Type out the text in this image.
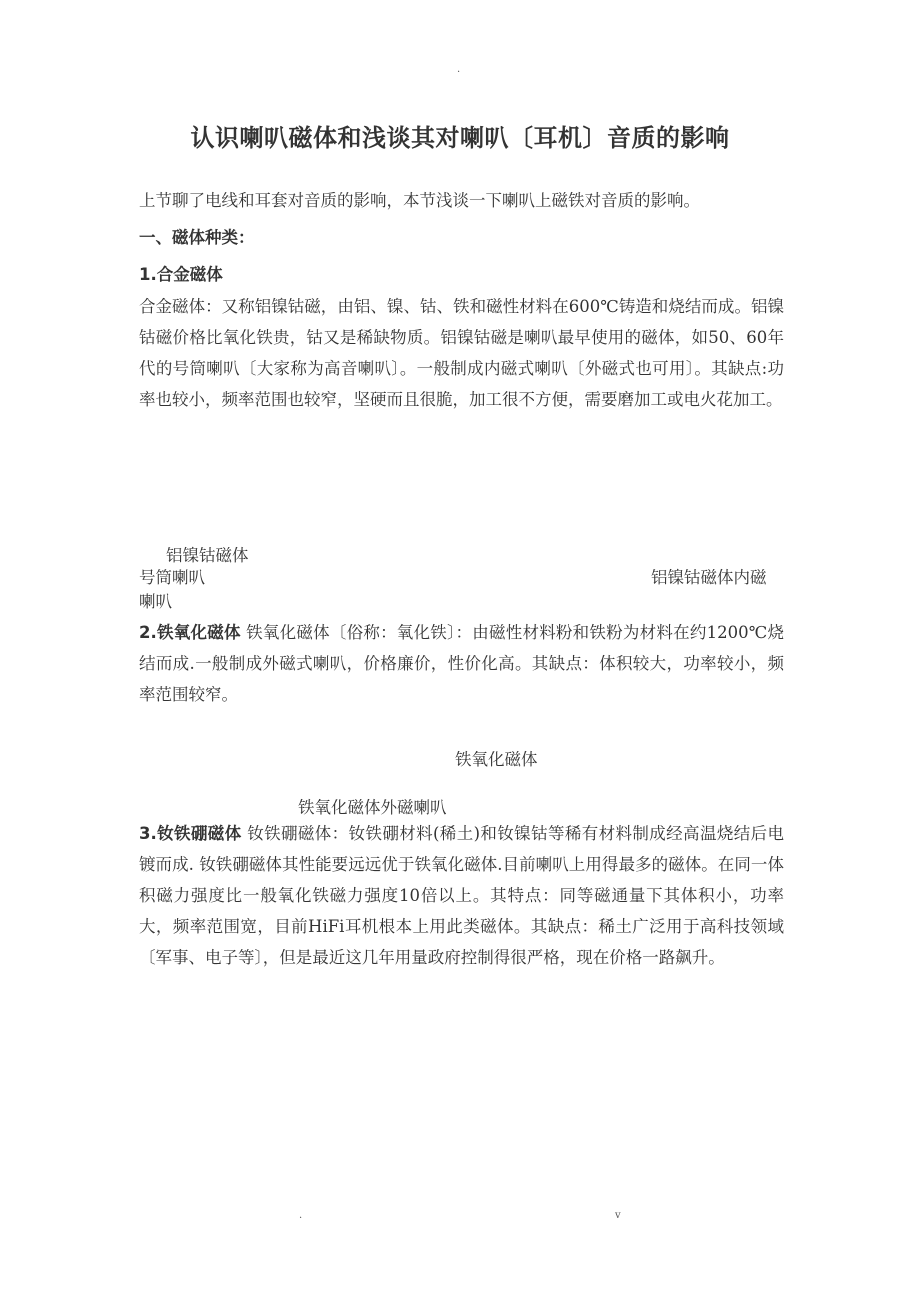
.
认识喇叭磁体和浅谈其对喇叭〔耳机〕音质的影响
上节聊了电线和耳套对音质的影响，本节浅谈一下喇叭上磁铁对音质的影响。
一、磁体种类：
1.合金磁体
合金磁体：又称铝镍钴磁，由铝、镍、钴、铁和磁性材料在600℃铸造和烧结而成。铝镍钴磁价格比氧化铁贵，钴又是稀缺物质。铝镍钴磁是喇叭最早使用的磁体，如50、60年代的号筒喇叭〔大家称为高音喇叭〕。一般制成内磁式喇叭〔外磁式也可用〕。其缺点:功率也较小，频率范围也较窄，坚硬而且很脆，加工很不方便，需要磨加工或电火花加工。
铝镍钴磁体
号筒喇叭	铝镍钴磁体内磁
喇叭
2.铁氧化磁体 铁氧化磁体〔俗称：氧化铁〕：由磁性材料粉和铁粉为材料在约1200℃烧结而成.一般制成外磁式喇叭，价格廉价，性价化高。其缺点：体积较大，功率较小，频率范围较窄。
铁氧化磁体
铁氧化磁体外磁喇叭
3.钕铁硼磁体 钕铁硼磁体：钕铁硼材料(稀土)和钕镍钴等稀有材料制成经高温烧结后电镀而成. 钕铁硼磁体其性能要远远优于铁氧化磁体.目前喇叭上用得最多的磁体。在同一体积磁力强度比一般氧化铁磁力强度10倍以上。其特点：同等磁通量下其体积小，功率大，频率范围宽，目前HiFi耳机根本上用此类磁体。其缺点：稀土广泛用于高科技领域〔军事、电子等〕，但是最近这几年用量政府控制得很严格，现在价格一路飙升。
.	v
